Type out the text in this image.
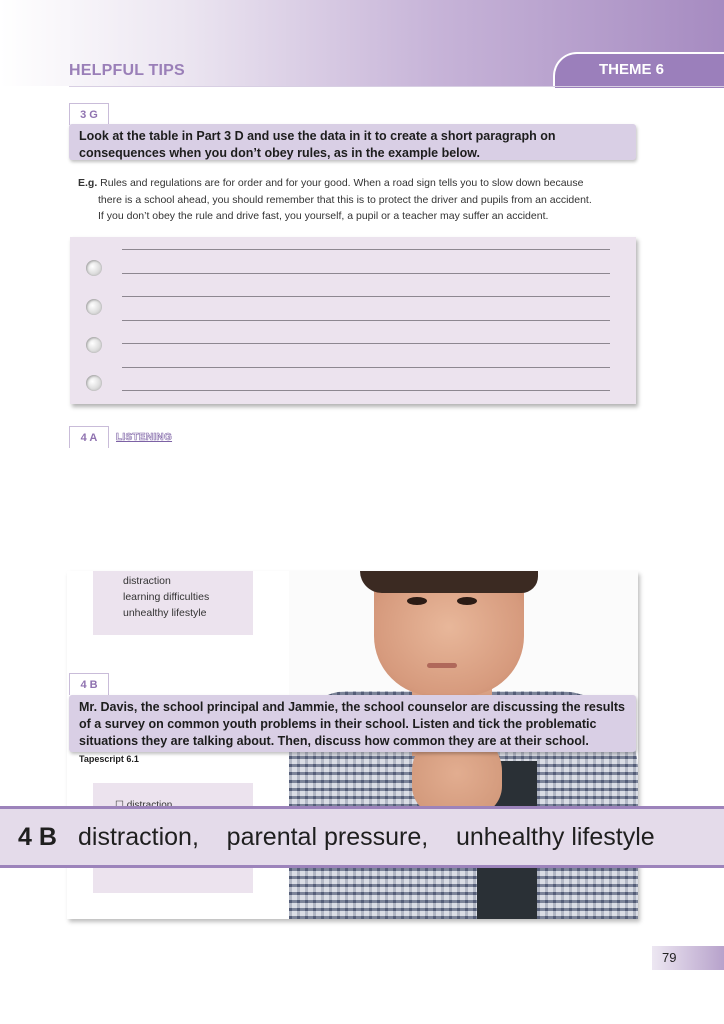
HELPFUL TIPS	THEME 6
3 G
Look at the table in Part 3 D and use the data in it to create a short paragraph on consequences when you don’t obey rules, as in the example below.
E.g. Rules and regulations are for order and for your good. When a road sign tells you to slow down because
there is a school ahead, you should remember that this is to protect the driver and pupils from an accident.
If you don’t obey the rule and drive fast, you yourself, a pupil or a teacher may suffer an accident.
4 A	LISTENING
distraction
learning difficulties
unhealthy lifestyle
4 B
Mr. Davis, the school principal and Jammie, the school counselor are discussing the results of a survey on common youth problems in their school. Listen and tick the problematic situations they are talking about. Then, discuss how common they are at their school. Tapescript 6.1
4 B distraction,    parental pressure,    unhealthy lifestyle
79
